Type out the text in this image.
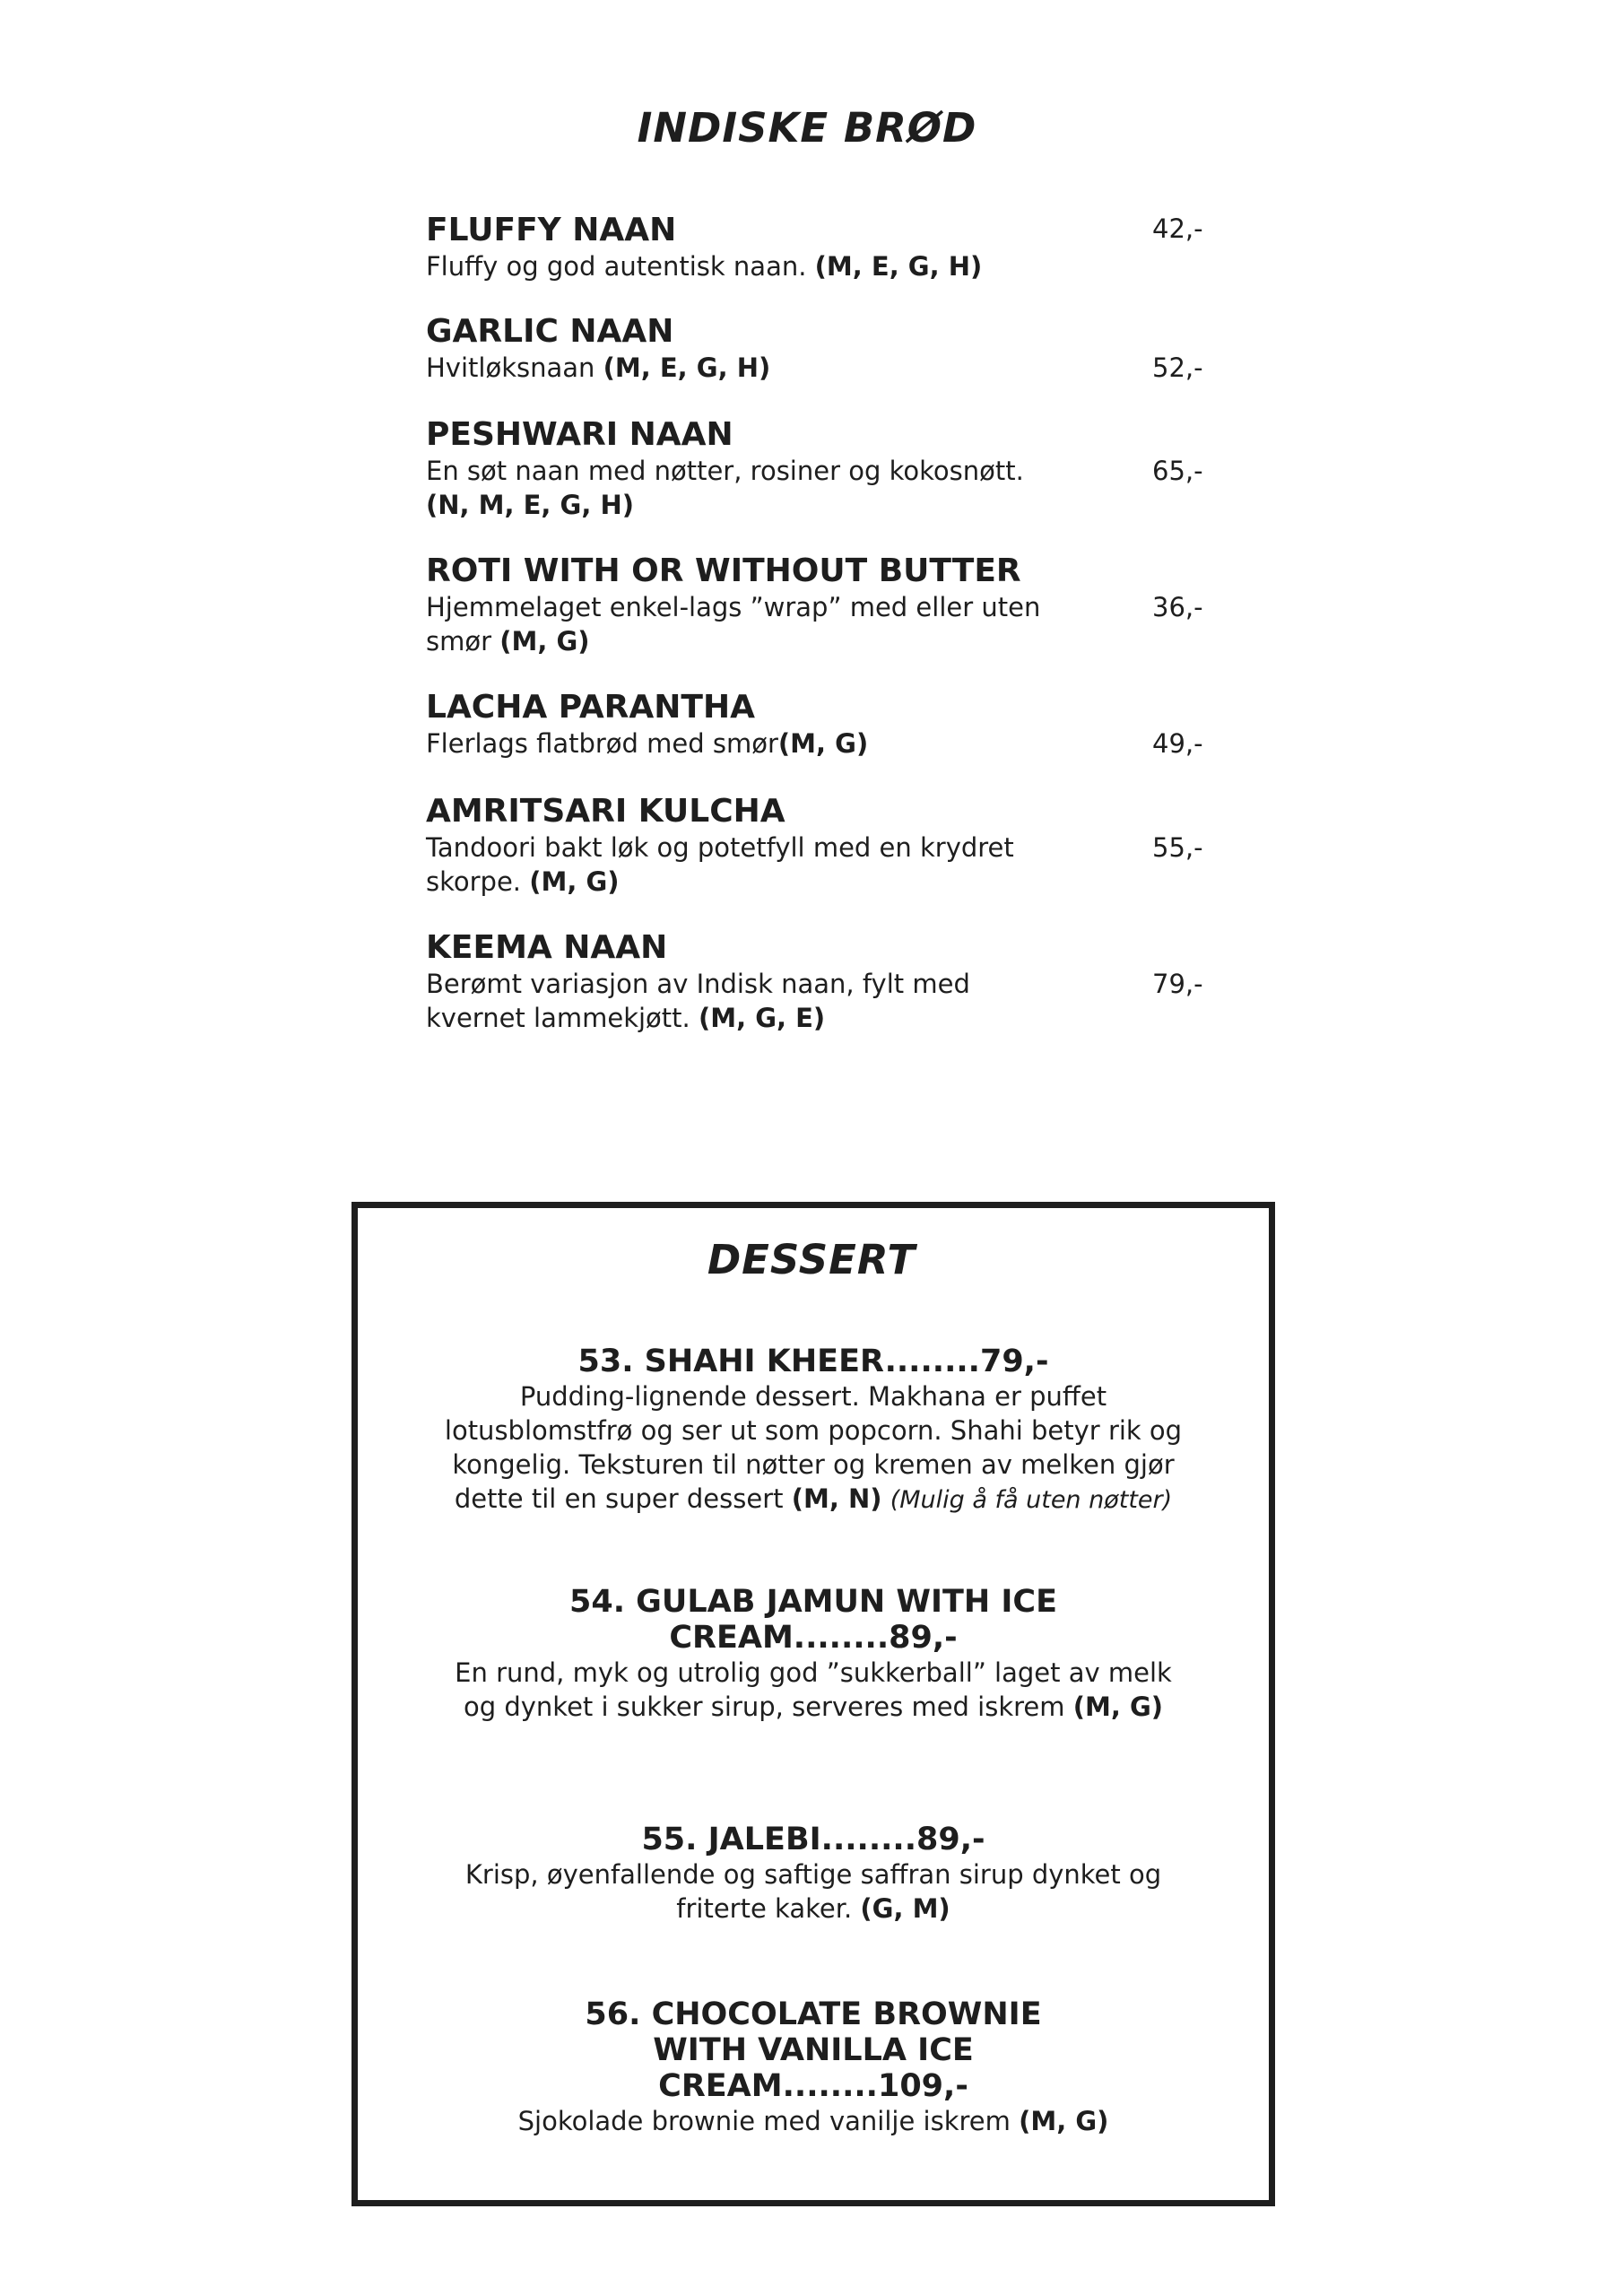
INDISKE BRØD
FLUFFY NAAN
Fluffy og god autentisk naan. (M, E, G, H)
42,-
GARLIC NAAN
Hvitløksnaan (M, E, G, H)	52,-
PESHWARI NAAN
En søt naan med nøtter, rosiner og kokosnøtt. (N, M, E, G, H)
65,-
ROTI WITH OR WITHOUT BUTTER
Hjemmelaget enkel-lags ”wrap” med eller uten smør (M, G)
36,-
LACHA PARANTHA
Flerlags flatbrød med smør(M, G)	49,-
AMRITSARI KULCHA
Tandoori bakt løk og potetfyll med en krydret skorpe. (M, G)
55,-
KEEMA NAAN
Berømt variasjon av Indisk naan, fylt med kvernet lammekjøtt. (M, G, E)
79,-
DESSERT
53. SHAHI KHEER........79,-
Pudding-lignende dessert. Makhana er puffet lotusblomstfrø og ser ut som popcorn. Shahi betyr rik og kongelig. Teksturen til nøtter og kremen av melken gjør dette til en super dessert (M, N) (Mulig å få uten nøtter)
54. GULAB JAMUN WITH ICE CREAM........89,-
En rund, myk og utrolig god ”sukkerball” laget av melk og dynket i sukker sirup, serveres med iskrem (M, G)
55. JALEBI........89,-
Krisp, øyenfallende og saftige saffran sirup dynket og friterte kaker. (G, M)
56. CHOCOLATE BROWNIE WITH VANILLA ICE CREAM........109,-
Sjokolade brownie med vanilje iskrem (M, G)
